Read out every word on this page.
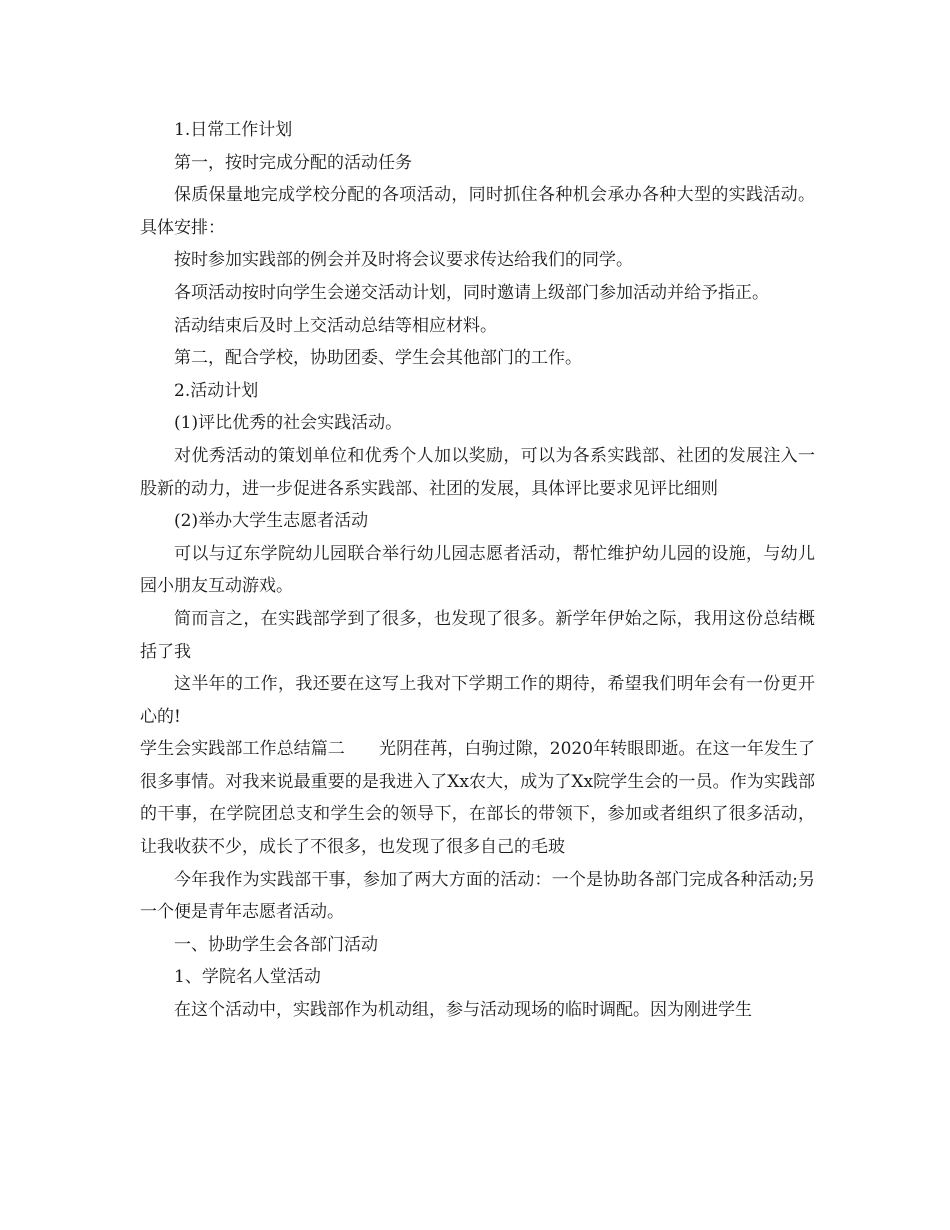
1.日常工作计划

第一，按时完成分配的活动任务

保质保量地完成学校分配的各项活动，同时抓住各种机会承办各种大型的实践活动。具体安排：

按时参加实践部的例会并及时将会议要求传达给我们的同学。

各项活动按时向学生会递交活动计划，同时邀请上级部门参加活动并给予指正。

活动结束后及时上交活动总结等相应材料。

第二，配合学校，协助团委、学生会其他部门的工作。

2.活动计划

(1)评比优秀的社会实践活动。

对优秀活动的策划单位和优秀个人加以奖励，可以为各系实践部、社团的发展注入一股新的动力，进一步促进各系实践部、社团的发展，具体评比要求见评比细则

(2)举办大学生志愿者活动

可以与辽东学院幼儿园联合举行幼儿园志愿者活动，帮忙维护幼儿园的设施，与幼儿园小朋友互动游戏。

简而言之，在实践部学到了很多，也发现了很多。新学年伊始之际，我用这份总结概括了我

这半年的工作，我还要在这写上我对下学期工作的期待，希望我们明年会有一份更开心的!

学生会实践部工作总结篇二　　光阴荏苒，白驹过隙，2020年转眼即逝。在这一年发生了很多事情。对我来说最重要的是我进入了Xx农大，成为了Xx院学生会的一员。作为实践部的干事，在学院团总支和学生会的领导下，在部长的带领下，参加或者组织了很多活动，让我收获不少，成长了不很多，也发现了很多自己的毛玻

今年我作为实践部干事，参加了两大方面的活动：一个是协助各部门完成各种活动;另一个便是青年志愿者活动。

一、协助学生会各部门活动

1、学院名人堂活动

在这个活动中，实践部作为机动组，参与活动现场的临时调配。因为刚进学生
